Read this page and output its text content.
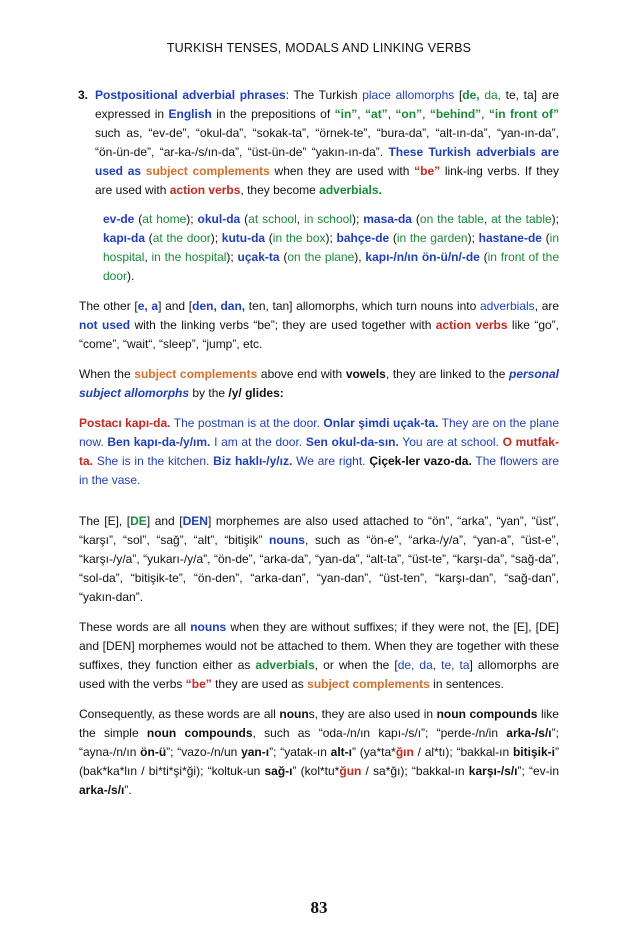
TURKISH TENSES, MODALS AND LINKING VERBS
3. Postpositional adverbial phrases: The Turkish place allomorphs [de, da, te, ta] are expressed in English in the prepositions of “in”, “at”, “on”, “behind”, “in front of” such as, “ev-de”, “okul-da”, “sokak-ta”, “örnek-te”, “bura-da”, “alt-ın-da”, “yan-ın-da”, “ön-ün-de”, “ar-ka-/s/ın-da”, “üst-ün-de” “yakın-ın-da”. These Turkish adverbials are used as subject complements when they are used with “be” link-ing verbs. If they are used with action verbs, they become adverbials.
ev-de (at home); okul-da (at school, in school); masa-da (on the table, at the table); kapı-da (at the door); kutu-da (in the box); bahçe-de (in the garden); hastane-de (in hospital, in the hospital); uçak-ta (on the plane), kapı-/n/ın ön-ü/n/-de (in front of the door).

The other [e, a] and [den, dan, ten, tan] allomorphs, which turn nouns into adverbials, are not used with the linking verbs “be”; they are used together with action verbs like “go”, “come”, “wait“, “sleep”, “jump”, etc.

When the subject complements above end with vowels, they are linked to the personal subject allomorphs by the /y/ glides:

Postacı kapı-da. The postman is at the door. Onlar şimdi uçak-ta. They are on the plane now. Ben kapı-da-/y/ım. I am at the door. Sen okul-da-sın. You are at school. O mutfak-ta. She is in the kitchen. Biz haklı-/y/ız. We are right. Çiçek-ler vazo-da. The flowers are in the vase.

The [E], [DE] and [DEN] morphemes are also used attached to “ön”, “arka”, “yan”, “üst”, “karşı”, “sol”, “sağ”, “alt”, “bitişik” nouns, such as “ön-e”, “arka-/y/a”, “yan-a”, “üst-e”, “karşı-/y/a”, “yukarı-/y/a”, “ön-de”, “arka-da”, “yan-da”, “alt-ta”, “üst-te”, “karşı-da”, “sağ-da”, “sol-da”, “bitişik-te”, “ön-den”, “arka-dan”, “yan-dan”, “üst-ten”, “karşı-dan”, “sağ-dan”, “yakın-dan”.

These words are all nouns when they are without suffixes; if they were not, the [E], [DE] and [DEN] morphemes would not be attached to them. When they are together with these suffixes, they function either as adverbials, or when the [de, da, te, ta] allomorphs are used with the verbs “be” they are used as subject complements in sentences.

Consequently, as these words are all nouns, they are also used in noun compounds like the simple noun compounds, such as “oda-/n/ın kapı-/s/ı”; “perde-/n/in arka-/s/ı”; “ayna-/n/ın ön-ü”; “vazo-/n/un yan-ı”; “yatak-ın alt-ı” (ya*ta*ğın / al*tı); “bakkal-ın bitişik-i” (bak*ka*lın / bi*ti*şi*ği); “koltuk-un sağ-ı” (kol*tu*ğun / sa*ğı); “bakkal-ın karşı-/s/ı”; “ev-in arka-/s/ı”.

83
